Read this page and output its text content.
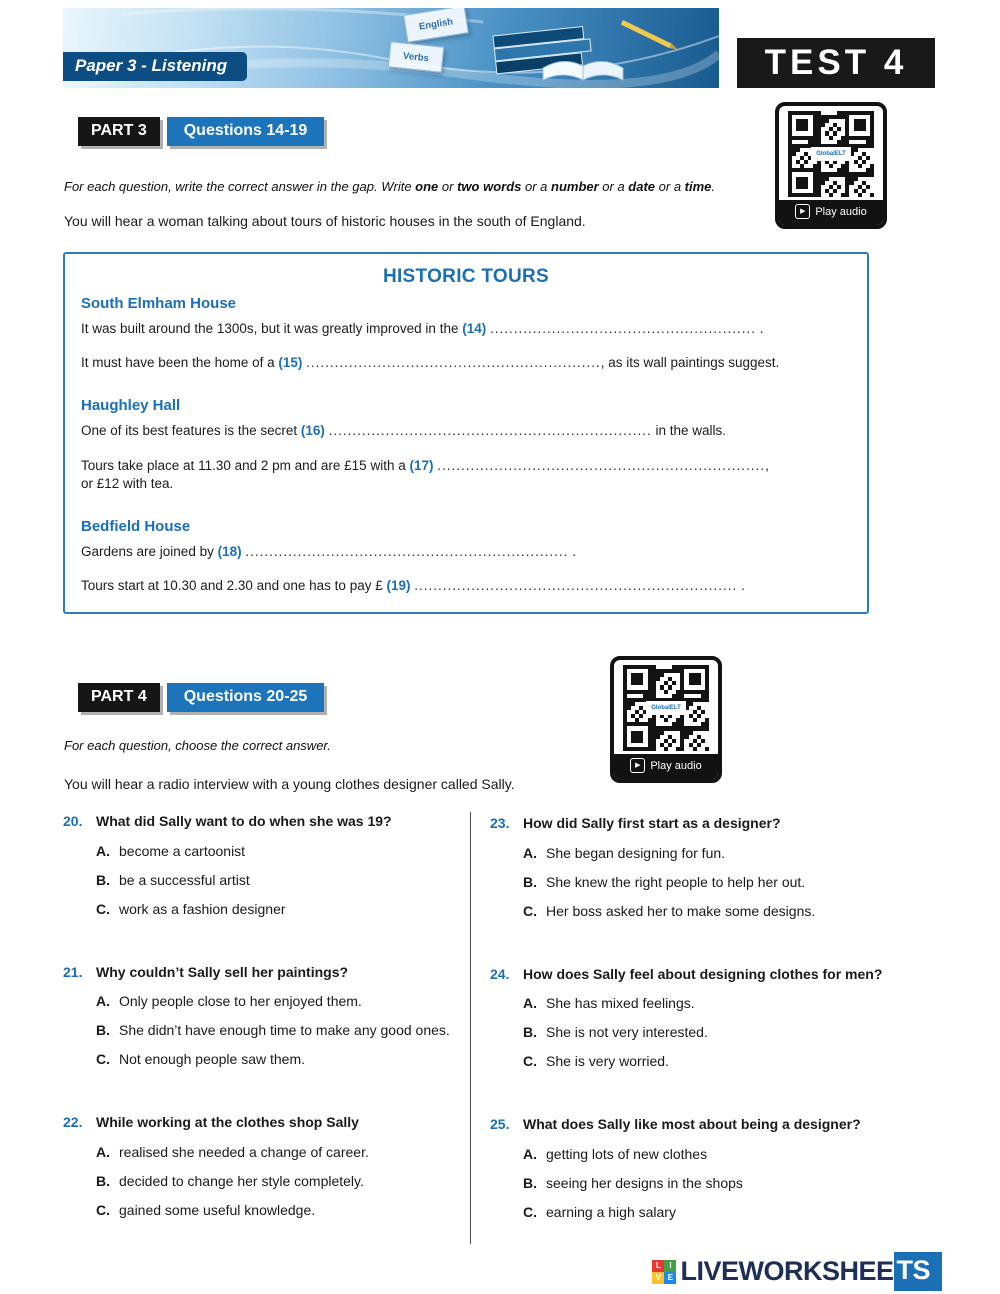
English
Verbs
Paper 3 - Listening	TEST 4
PART 3	Questions 14-19
GlobalELT
▶ Play audio
For each question, write the correct answer in the gap. Write one or two words or a number or a date or a time.
You will hear a woman talking about tours of historic houses in the south of England.
HISTORIC TOURS
South Elmham House
It was built around the 1300s, but it was greatly improved in the (14) ........................................................ .
It must have been the home of a (15) .............................................................., as its wall paintings suggest.
Haughley Hall
One of its best features is the secret (16) .................................................................... in the walls.
Tours take place at 11.30 and 2 pm and are £15 with a (17) .....................................................................,
or £12 with tea.
Bedfield House
Gardens are joined by (18) .................................................................... .
Tours start at 10.30 and 2.30 and one has to pay £ (19) .................................................................... .
PART 4	Questions 20-25
GlobalELT
▶ Play audio
For each question, choose the correct answer.
You will hear a radio interview with a young clothes designer called Sally.
20. What did Sally want to do when she was 19?
A. become a cartoonist
B. be a successful artist
C. work as a fashion designer
21. Why couldn’t Sally sell her paintings?
A. Only people close to her enjoyed them.
B. She didn’t have enough time to make any good ones.
C. Not enough people saw them.
22. While working at the clothes shop Sally
A. realised she needed a change of career.
B. decided to change her style completely.
C. gained some useful knowledge.
23. How did Sally first start as a designer?
A. She began designing for fun.
B. She knew the right people to help her out.
C. Her boss asked her to make some designs.
24. How does Sally feel about designing clothes for men?
A. She has mixed feelings.
B. She is not very interested.
C. She is very worried.
25. What does Sally like most about being a designer?
A. getting lots of new clothes
B. seeing her designs in the shops
C. earning a high salary
L	I
V E LIVEWORKSHEE TS
